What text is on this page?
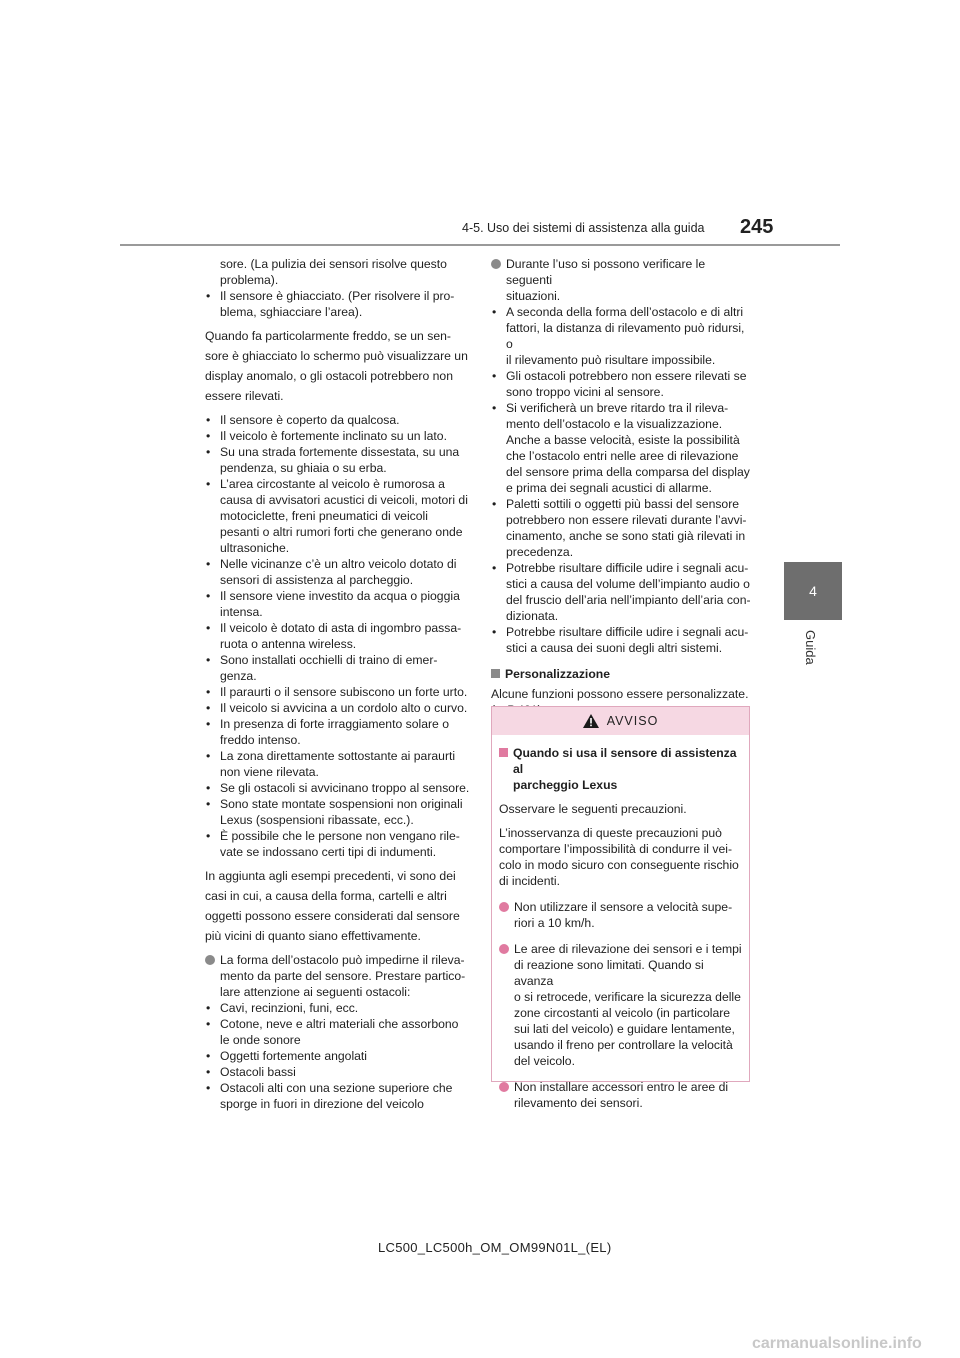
4-5. Uso dei sistemi di assistenza alla guida 245
4
Guida
sore. (La pulizia dei sensori risolve questo
problema).
• Il sensore è ghiacciato. (Per risolvere il pro-
blema, sghiacciare l’area).

Quando fa particolarmente freddo, se un sen- sore è ghiacciato lo schermo può visualizzare un display anomalo, o gli ostacoli potrebbero non essere rilevati.

• Il sensore è coperto da qualcosa.
• Il veicolo è fortemente inclinato su un lato.
• Su una strada fortemente dissestata, su una
pendenza, su ghiaia o su erba.
• L’area circostante al veicolo è rumorosa a
causa di avvisatori acustici di veicoli, motori di
motociclette, freni pneumatici di veicoli
pesanti o altri rumori forti che generano onde
ultrasoniche.
• Nelle vicinanze c’è un altro veicolo dotato di
sensori di assistenza al parcheggio.
• Il sensore viene investito da acqua o pioggia
intensa.
• Il veicolo è dotato di asta di ingombro passa-
ruota o antenna wireless.
• Sono installati occhielli di traino di emer-
genza.
• Il paraurti o il sensore subiscono un forte urto.
• Il veicolo si avvicina a un cordolo alto o curvo.
• In presenza di forte irraggiamento solare o
freddo intenso.
• La zona direttamente sottostante ai paraurti
non viene rilevata.
• Se gli ostacoli si avvicinano troppo al sensore.
• Sono state montate sospensioni non originali
Lexus (sospensioni ribassate, ecc.).
• È possibile che le persone non vengano rile-
vate se indossano certi tipi di indumenti.

In aggiunta agli esempi precedenti, vi sono dei casi in cui, a causa della forma, cartelli e altri oggetti possono essere considerati dal sensore più vicini di quanto siano effettivamente.

La forma dell’ostacolo può impedirne il rileva-
mento da parte del sensore. Prestare partico-
lare attenzione ai seguenti ostacoli:
• Cavi, recinzioni, funi, ecc.
• Cotone, neve e altri materiali che assorbono
le onde sonore
• Oggetti fortemente angolati
• Ostacoli bassi
• Ostacoli alti con una sezione superiore che
sporge in fuori in direzione del veicolo
Durante l’uso si possono verificare le seguenti
situazioni.
• A seconda della forma dell’ostacolo e di altri
fattori, la distanza di rilevamento può ridursi, o
il rilevamento può risultare impossibile.
• Gli ostacoli potrebbero non essere rilevati se
sono troppo vicini al sensore.
• Si verificherà un breve ritardo tra il rileva-
mento dell’ostacolo e la visualizzazione.
Anche a basse velocità, esiste la possibilità
che l’ostacolo entri nelle aree di rilevazione
del sensore prima della comparsa del display
e prima dei segnali acustici di allarme.
• Paletti sottili o oggetti più bassi del sensore
potrebbero non essere rilevati durante l’avvi-
cinamento, anche se sono stati già rilevati in
precedenza.
• Potrebbe risultare difficile udire i segnali acu-
stici a causa del volume dell’impianto audio o
del fruscio dell’aria nell’impianto dell’aria con-
dizionata.
• Potrebbe risultare difficile udire i segnali acu-
stici a causa dei suoni degli altri sistemi.
Personalizzazione
Alcune funzioni possono essere personalizzate.
AVVISO
Quando si usa il sensore di assistenza al
parcheggio Lexus

Osservare le seguenti precauzioni.

L’inosservanza di queste precauzioni può
comportare l’impossibilità di condurre il vei-
colo in modo sicuro con conseguente rischio
di incidenti.

Non utilizzare il sensore a velocità supe-
riori a 10 km/h.
Le aree di rilevazione dei sensori e i tempi
di reazione sono limitati. Quando si avanza
o si retrocede, verificare la sicurezza delle
zone circostanti al veicolo (in particolare
sui lati del veicolo) e guidare lentamente,
usando il freno per controllare la velocità
del veicolo.
Non installare accessori entro le aree di
rilevamento dei sensori.
LC500_LC500h_OM_OM99N01L_(EL)
carmanualsonline.info
